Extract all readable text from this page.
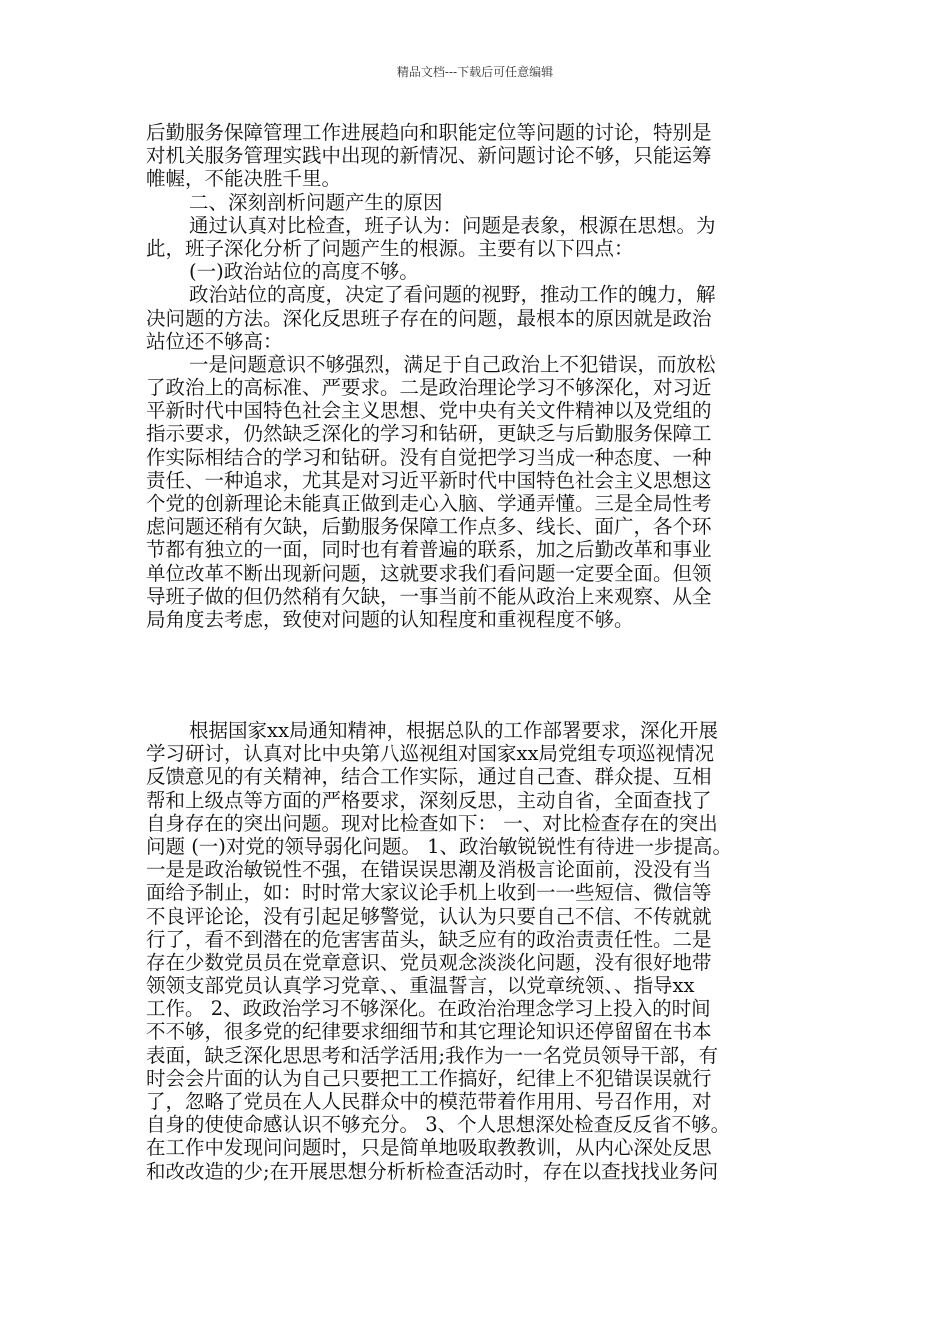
精品文档---下载后可任意编辑
后勤服务保障管理工作进展趋向和职能定位等问题的讨论，特别是
对机关服务管理实践中出现的新情况、新问题讨论不够，只能运筹
帷幄，不能决胜千里。
二、深刻剖析问题产生的原因
通过认真对比检查，班子认为：问题是表象，根源在思想。为
此，班子深化分析了问题产生的根源。主要有以下四点：
(一)政治站位的高度不够。
政治站位的高度，决定了看问题的视野，推动工作的魄力，解
决问题的方法。深化反思班子存在的问题，最根本的原因就是政治
站位还不够高：
一是问题意识不够强烈，满足于自己政治上不犯错误，而放松
了政治上的高标准、严要求。二是政治理论学习不够深化，对习近
平新时代中国特色社会主义思想、党中央有关文件精神以及党组的
指示要求，仍然缺乏深化的学习和钻研，更缺乏与后勤服务保障工
作实际相结合的学习和钻研。没有自觉把学习当成一种态度、一种
责任、一种追求，尤其是对习近平新时代中国特色社会主义思想这
个党的创新理论未能真正做到走心入脑、学通弄懂。三是全局性考
虑问题还稍有欠缺，后勤服务保障工作点多、线长、面广，各个环
节都有独立的一面，同时也有着普遍的联系，加之后勤改革和事业
单位改革不断出现新问题，这就要求我们看问题一定要全面。但领
导班子做的但仍然稍有欠缺，一事当前不能从政治上来观察、从全
局角度去考虑，致使对问题的认知程度和重视程度不够。
根据国家xx局通知精神，根据总队的工作部署要求，深化开展
学习研讨，认真对比中央第八巡视组对国家xx局党组专项巡视情况
反馈意见的有关精神，结合工作实际，通过自己查、群众提、互相
帮和上级点等方面的严格要求，深刻反思，主动自省，全面查找了
自身存在的突出问题。现对比检查如下： 一、对比检查存在的突出
问题 (一)对党的领导弱化问题。 1、政治敏锐锐性有待进一步提高。
一是是政治敏锐性不强，在错误误思潮及消极言论面前，没没有当
面给予制止，如：时时常大家议论手机上收到一一些短信、微信等
不良评论论，没有引起足够警觉，认认为只要自己不信、不传就就
行了，看不到潜在的危害害苗头，缺乏应有的政治责责任性。二是
存在少数党员员在党章意识、党员观念淡淡化问题，没有很好地带
领领支部党员认真学习党章、、重温誓言，以党章统领、、指导xx
工作。 2、政政治学习不够深化。在政治治理念学习上投入的时间
不不够，很多党的纪律要求细细节和其它理论知识还停留留在书本
表面，缺乏深化思思考和活学活用;我作为一一名党员领导干部，有
时会会片面的认为自己只要把工工作搞好，纪律上不犯错误误就行
了，忽略了党员在人人民群众中的模范带着作用用、号召作用，对
自身的使使命感认识不够充分。 3、个人思想深处检查反反省不够。
在工作中发现问问题时，只是简单地吸取教教训，从内心深处反思
和改改造的少;在开展思想分析析检查活动时，存在以查找找业务问
